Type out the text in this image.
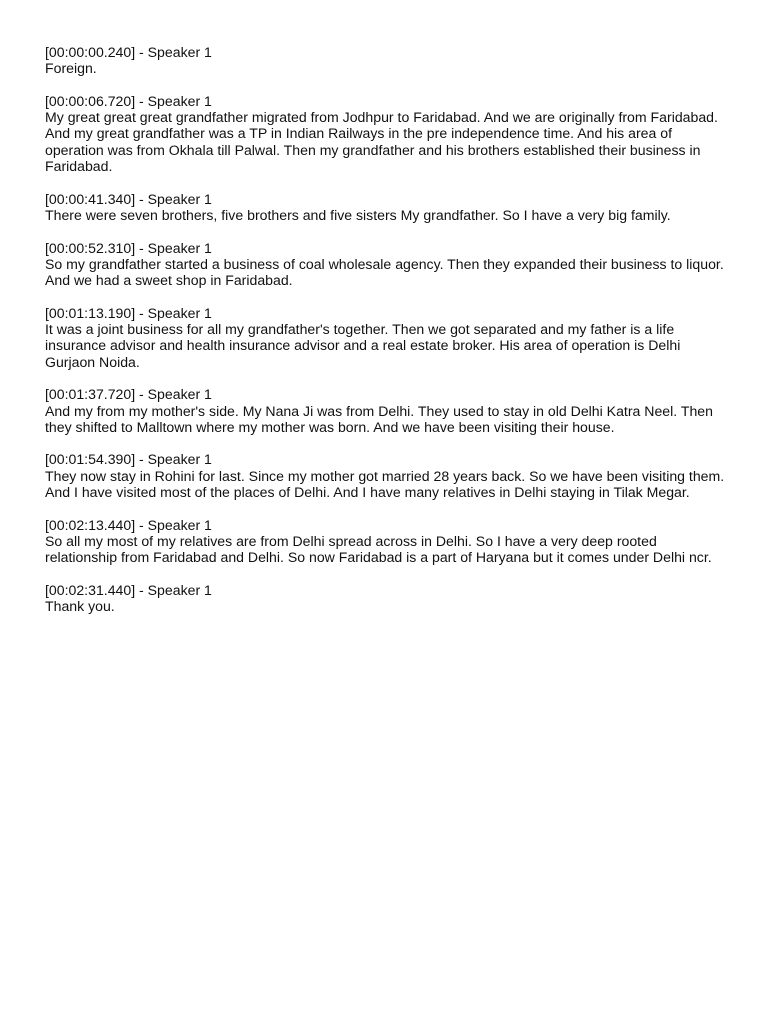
[00:00:00.240] - Speaker 1
Foreign.
[00:00:06.720] - Speaker 1
My great great great grandfather migrated from Jodhpur to Faridabad. And we are originally from Faridabad. And my great grandfather was a TP in Indian Railways in the pre independence time. And his area of operation was from Okhala till Palwal. Then my grandfather and his brothers established their business in Faridabad.
[00:00:41.340] - Speaker 1
There were seven brothers, five brothers and five sisters My grandfather. So I have a very big family.
[00:00:52.310] - Speaker 1
So my grandfather started a business of coal wholesale agency. Then they expanded their business to liquor. And we had a sweet shop in Faridabad.
[00:01:13.190] - Speaker 1
It was a joint business for all my grandfather's together. Then we got separated and my father is a life insurance advisor and health insurance advisor and a real estate broker. His area of operation is Delhi Gurjaon Noida.
[00:01:37.720] - Speaker 1
And my from my mother's side. My Nana Ji was from Delhi. They used to stay in old Delhi Katra Neel. Then they shifted to Malltown where my mother was born. And we have been visiting their house.
[00:01:54.390] - Speaker 1
They now stay in Rohini for last. Since my mother got married 28 years back. So we have been visiting them. And I have visited most of the places of Delhi. And I have many relatives in Delhi staying in Tilak Megar.
[00:02:13.440] - Speaker 1
So all my most of my relatives are from Delhi spread across in Delhi. So I have a very deep rooted relationship from Faridabad and Delhi. So now Faridabad is a part of Haryana but it comes under Delhi ncr.
[00:02:31.440] - Speaker 1
Thank you.
